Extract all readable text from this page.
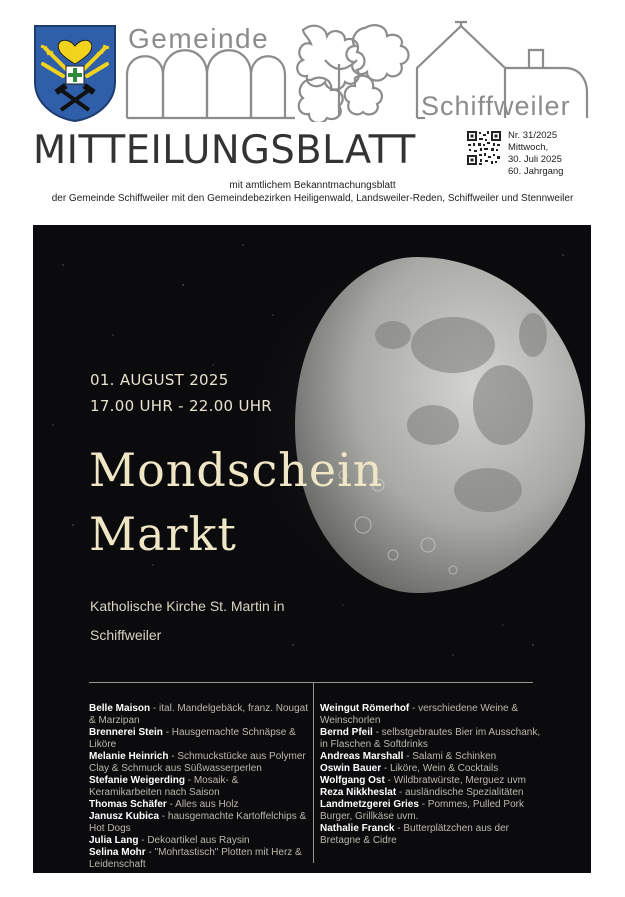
Gemeinde
Schiffweiler
MITTEILUNGSBLATT	Nr. 31/2025
Mittwoch,
30. Juli 2025
60. Jahrgang
mit amtlichem Bekanntmachungsblatt
der Gemeinde Schiffweiler mit den Gemeindebezirken Heiligenwald, Landsweiler-Reden, Schiffweiler und Stennweiler
01. AUGUST 2025
17.00 UHR - 22.00 UHR
Mondschein
Markt
Katholische Kirche St. Martin in
Schiffweiler
Belle Maison - ital. Mandelgebäck, franz. Nougat & Marzipan
Brennerei Stein - Hausgemachte Schnäpse & Liköre
Melanie Heinrich - Schmuckstücke aus Polymer Clay & Schmuck aus Süßwasserperlen
Stefanie Weigerding - Mosaik- & Keramikarbeiten nach Saison
Thomas Schäfer - Alles aus Holz
Janusz Kubica - hausgemachte Kartoffelchips & Hot Dogs
Julia Lang - Dekoartikel aus Raysin
Selina Mohr - "Mohrtastisch" Plotten mit Herz & Leidenschaft
Weingut Römerhof - verschiedene Weine & Weinschorlen
Bernd Pfeil - selbstgebrautes Bier im Ausschank, in Flaschen & Softdrinks
Andreas Marshall - Salami & Schinken
Oswin Bauer - Liköre, Wein & Cocktails
Wolfgang Ost - Wildbratwürste, Merguez uvm
Reza Nikkheslat - ausländische Spezialitäten
Landmetzgerei Gries - Pommes, Pulled Pork Burger, Grillkäse uvm.
Nathalie Franck - Butterplätzchen aus der Bretagne & Cidre
